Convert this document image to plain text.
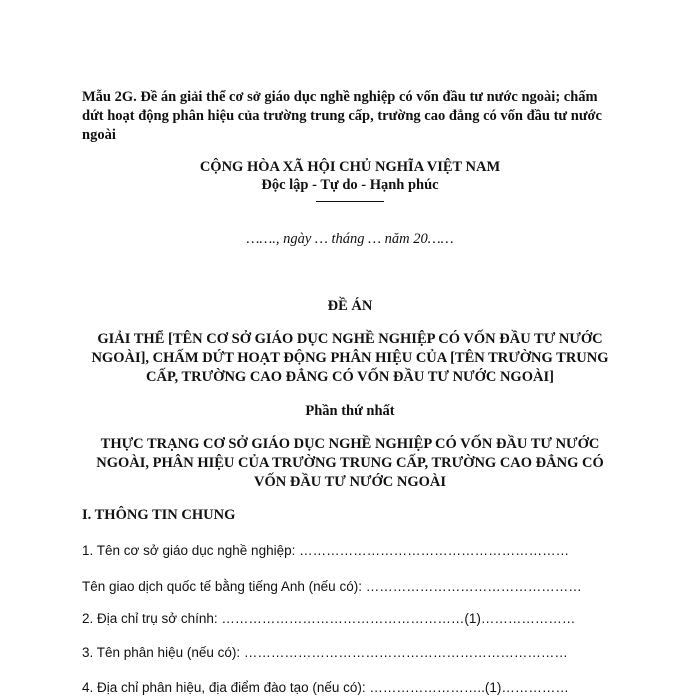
Mẫu 2G. Đề án giải thể cơ sở giáo dục nghề nghiệp có vốn đầu tư nước ngoài; chấm dứt hoạt động phân hiệu của trường trung cấp, trường cao đẳng có vốn đầu tư nước ngoài
CỘNG HÒA XÃ HỘI CHỦ NGHĨA VIỆT NAM
Độc lập - Tự do - Hạnh phúc
……., ngày … tháng … năm 20……
ĐỀ ÁN
GIẢI THỂ [TÊN CƠ SỞ GIÁO DỤC NGHỀ NGHIỆP CÓ VỐN ĐẦU TƯ NƯỚC NGOÀI], CHẤM DỨT HOẠT ĐỘNG PHÂN HIỆU CỦA [TÊN TRƯỜNG TRUNG CẤP, TRƯỜNG CAO ĐẲNG CÓ VỐN ĐẦU TƯ NƯỚC NGOÀI]
Phần thứ nhất
THỰC TRẠNG CƠ SỞ GIÁO DỤC NGHỀ NGHIỆP CÓ VỐN ĐẦU TƯ NƯỚC NGOÀI, PHÂN HIỆU CỦA TRƯỜNG TRUNG CẤP, TRƯỜNG CAO ĐẲNG CÓ VỐN ĐẦU TƯ NƯỚC NGOÀI
I. THÔNG TIN CHUNG
1. Tên cơ sở giáo dục nghề nghiệp: ……………………………………………………
Tên giao dịch quốc tế bằng tiếng Anh (nếu có): …………………………………………
2. Địa chỉ trụ sở chính: ………………………………………………(1)…………………
3. Tên phân hiệu (nếu có): ………………………………………………………………
4. Địa chỉ phân hiệu, địa điểm đào tạo (nếu có): ……………………..(1)……………
